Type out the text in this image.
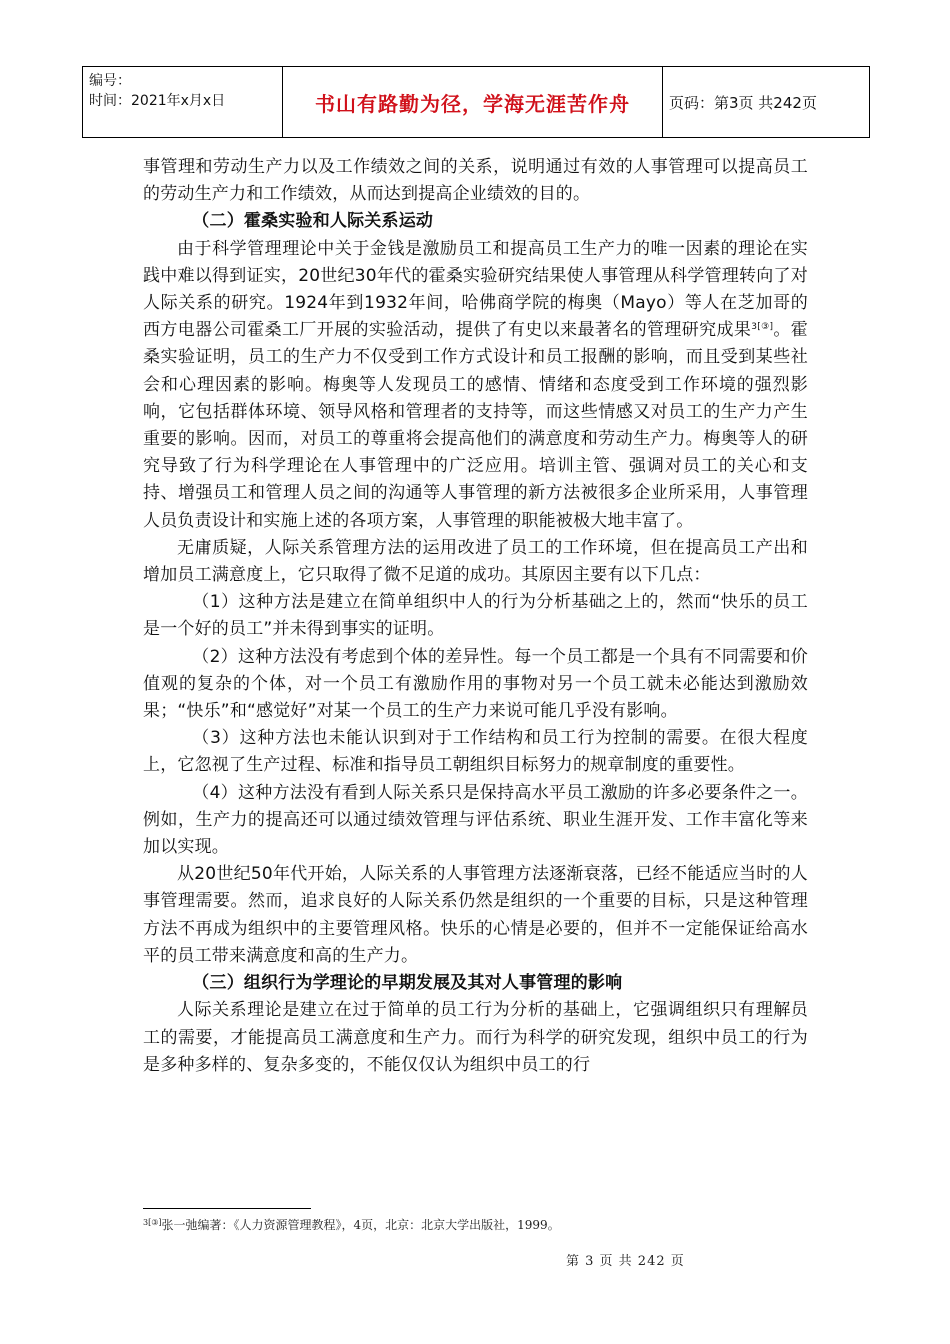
编号：
时间：2021年x月x日	书山有路勤为径，学海无涯苦作舟	页码：第3页 共242页

事管理和劳动生产力以及工作绩效之间的关系，说明通过有效的人事管理可以提高员工的劳动生产力和工作绩效，从而达到提高企业绩效的目的。

（二）霍桑实验和人际关系运动

由于科学管理理论中关于金钱是激励员工和提高员工生产力的唯一因素的理论在实践中难以得到证实，20世纪30年代的霍桑实验研究结果使人事管理从科学管理转向了对人际关系的研究。1924年到1932年间，哈佛商学院的梅奥（Mayo）等人在芝加哥的西方电器公司霍桑工厂开展的实验活动，提供了有史以来最著名的管理研究成果$^{3[③]}$。霍桑实验证明，员工的生产力不仅受到工作方式设计和员工报酬的影响，而且受到某些社会和心理因素的影响。梅奥等人发现员工的感情、情绪和态度受到工作环境的强烈影响，它包括群体环境、领导风格和管理者的支持等，而这些情感又对员工的生产力产生重要的影响。因而，对员工的尊重将会提高他们的满意度和劳动生产力。梅奥等人的研究导致了行为科学理论在人事管理中的广泛应用。培训主管、强调对员工的关心和支持、增强员工和管理人员之间的沟通等人事管理的新方法被很多企业所采用，人事管理人员负责设计和实施上述的各项方案，人事管理的职能被极大地丰富了。

无庸质疑，人际关系管理方法的运用改进了员工的工作环境，但在提高员工产出和增加员工满意度上，它只取得了微不足道的成功。其原因主要有以下几点：

（1）这种方法是建立在简单组织中人的行为分析基础之上的，然而“快乐的员工是一个好的员工”并未得到事实的证明。

（2）这种方法没有考虑到个体的差异性。每一个员工都是一个具有不同需要和价值观的复杂的个体，对一个员工有激励作用的事物对另一个员工就未必能达到激励效果；“快乐”和“感觉好”对某一个员工的生产力来说可能几乎没有影响。

（3）这种方法也未能认识到对于工作结构和员工行为控制的需要。在很大程度上，它忽视了生产过程、标准和指导员工朝组织目标努力的规章制度的重要性。

（4）这种方法没有看到人际关系只是保持高水平员工激励的许多必要条件之一。例如，生产力的提高还可以通过绩效管理与评估系统、职业生涯开发、工作丰富化等来加以实现。

从20世纪50年代开始，人际关系的人事管理方法逐渐衰落，已经不能适应当时的人事管理需要。然而，追求良好的人际关系仍然是组织的一个重要的目标，只是这种管理方法不再成为组织中的主要管理风格。快乐的心情是必要的，但并不一定能保证给高水平的员工带来满意度和高的生产力。

（三）组织行为学理论的早期发展及其对人事管理的影响

人际关系理论是建立在过于简单的员工行为分析的基础上，它强调组织只有理解员工的需要，才能提高员工满意度和生产力。而行为科学的研究发现，组织中员工的行为是多种多样的、复杂多变的，不能仅仅认为组织中员工的行

$^{3[③]}$张一弛编著：《人力资源管理教程》，4页，北京：北京大学出版社，1999。
第 3 页 共 242 页
